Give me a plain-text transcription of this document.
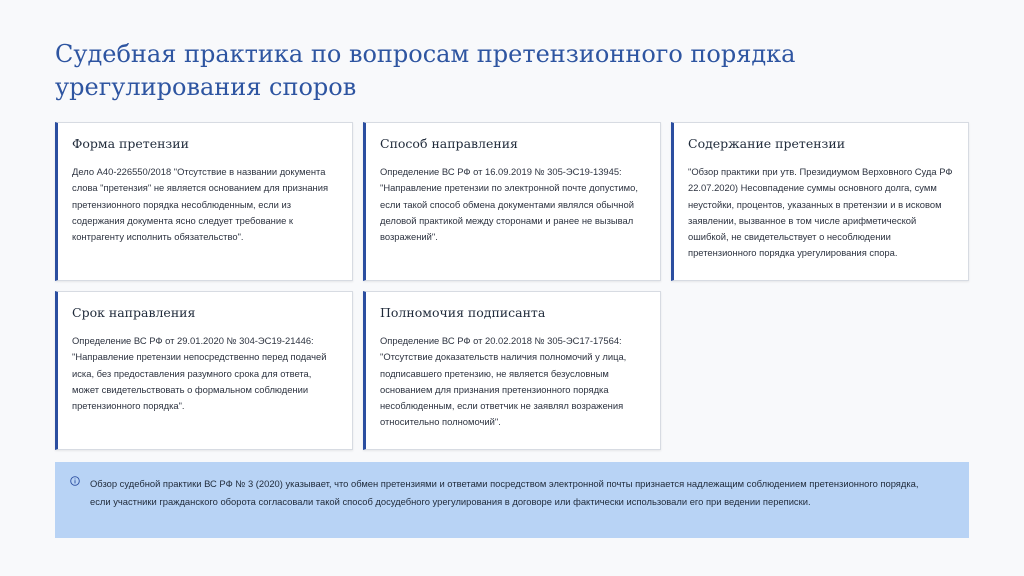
Судебная практика по вопросам претензионного порядка урегулирования споров
Форма претензии
Дело А40-226550/2018 "Отсутствие в названии документа слова "претензия" не является основанием для признания претензионного порядка несоблюденным, если из содержания документа ясно следует требование к контрагенту исполнить обязательство".
Способ направления
Определение ВС РФ от 16.09.2019 № 305-ЭС19-13945: "Направление претензии по электронной почте допустимо, если такой способ обмена документами являлся обычной деловой практикой между сторонами и ранее не вызывал возражений".
Содержание претензии
"Обзор практики при утв. Президиумом Верховного Суда РФ 22.07.2020) Несовпадение суммы основного долга, сумм неустойки, процентов, указанных в претензии и в исковом заявлении, вызванное в том числе арифметической ошибкой, не свидетельствует о несоблюдении претензионного порядка урегулирования спора.
Срок направления
Определение ВС РФ от 29.01.2020 № 304-ЭС19-21446: "Направление претензии непосредственно перед подачей иска, без предоставления разумного срока для ответа, может свидетельствовать о формальном соблюдении претензионного порядка".
Полномочия подписанта
Определение ВС РФ от 20.02.2018 № 305-ЭС17-17564: "Отсутствие доказательств наличия полномочий у лица, подписавшего претензию, не является безусловным основанием для признания претензионного порядка несоблюденным, если ответчик не заявлял возражения относительно полномочий".
Обзор судебной практики ВС РФ № 3 (2020) указывает, что обмен претензиями и ответами посредством электронной почты признается надлежащим соблюдением претензионного порядка, если участники гражданского оборота согласовали такой способ досудебного урегулирования в договоре или фактически использовали его при ведении переписки.
